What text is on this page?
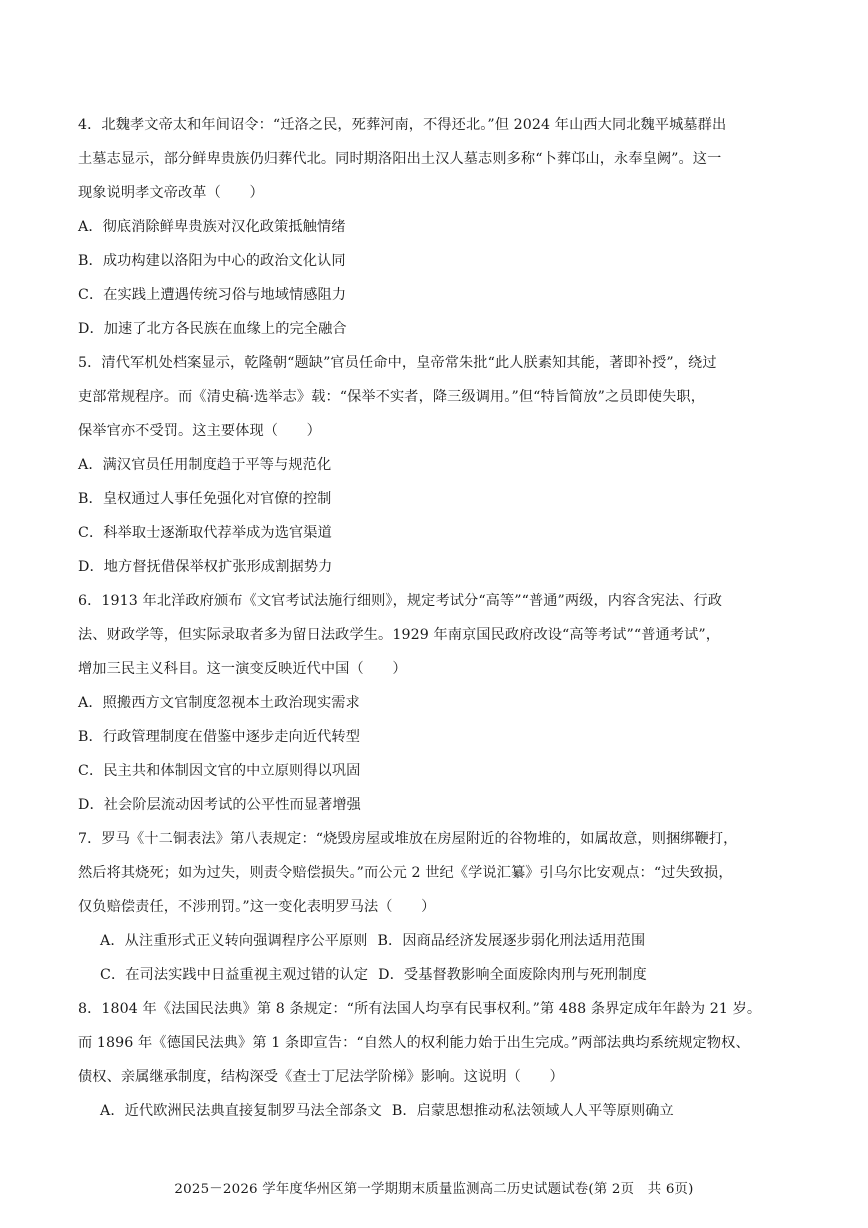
4．北魏孝文帝太和年间诏令：“迁洛之民，死葬河南，不得还北。”但 2024 年山西大同北魏平城墓群出
土墓志显示，部分鲜卑贵族仍归葬代北。同时期洛阳出土汉人墓志则多称“卜葬邙山，永奉皇阙”。这一
现象说明孝文帝改革（　　）
A．彻底消除鲜卑贵族对汉化政策抵触情绪
B．成功构建以洛阳为中心的政治文化认同
C．在实践上遭遇传统习俗与地域情感阻力
D．加速了北方各民族在血缘上的完全融合
5．清代军机处档案显示，乾隆朝“题缺”官员任命中，皇帝常朱批“此人朕素知其能，著即补授”，绕过
吏部常规程序。而《清史稿·选举志》载：“保举不实者，降三级调用。”但“特旨简放”之员即使失职，
保举官亦不受罚。这主要体现（　　）
A．满汉官员任用制度趋于平等与规范化
B．皇权通过人事任免强化对官僚的控制
C．科举取士逐渐取代荐举成为选官渠道
D．地方督抚借保举权扩张形成割据势力
6．1913 年北洋政府颁布《文官考试法施行细则》，规定考试分“高等”“普通”两级，内容含宪法、行政
法、财政学等，但实际录取者多为留日法政学生。1929 年南京国民政府改设“高等考试”“普通考试”，
增加三民主义科目。这一演变反映近代中国（　　）
A．照搬西方文官制度忽视本土政治现实需求
B．行政管理制度在借鉴中逐步走向近代转型
C．民主共和体制因文官的中立原则得以巩固
D．社会阶层流动因考试的公平性而显著增强
7．罗马《十二铜表法》第八表规定：“烧毁房屋或堆放在房屋附近的谷物堆的，如属故意，则捆绑鞭打，
然后将其烧死；如为过失，则责令赔偿损失。”而公元 2 世纪《学说汇纂》引乌尔比安观点：“过失致损，
仅负赔偿责任，不涉刑罚。”这一变化表明罗马法（　　）
A．从注重形式正义转向强调程序公平原则 B．因商品经济发展逐步弱化刑法适用范围
C．在司法实践中日益重视主观过错的认定 D．受基督教影响全面废除肉刑与死刑制度
8．1804 年《法国民法典》第 8 条规定：“所有法国人均享有民事权利。”第 488 条界定成年年龄为 21 岁。
而 1896 年《德国民法典》第 1 条即宣告：“自然人的权利能力始于出生完成。”两部法典均系统规定物权、
债权、亲属继承制度，结构深受《查士丁尼法学阶梯》影响。这说明（　　）
A．近代欧洲民法典直接复制罗马法全部条文 B．启蒙思想推动私法领域人人平等原则确立
2025－2026 学年度华州区第一学期期末质量监测高二历史试题试卷(第 2页　共 6页)
